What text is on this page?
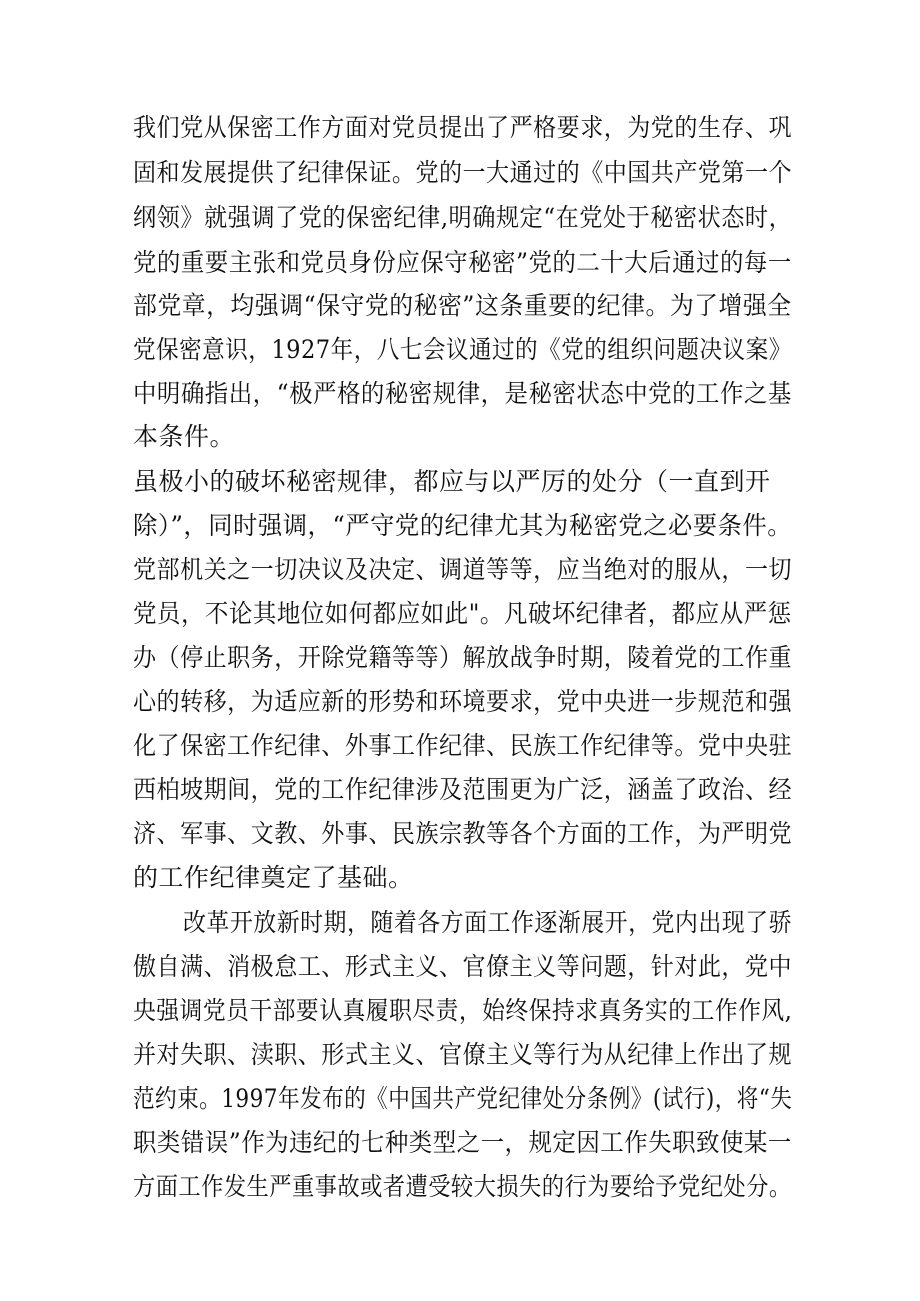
我们党从保密工作方面对党员提出了严格要求，为党的生存、巩
固和发展提供了纪律保证。党的一大通过的《中国共产党第一个
纲领》就强调了党的保密纪律,明确规定“在党处于秘密状态时，
党的重要主张和党员身份应保守秘密”党的二十大后通过的每一
部党章，均强调“保守党的秘密”这条重要的纪律。为了增强全
党保密意识，1927年，八七会议通过的《党的组织问题决议案》
中明确指出，“极严格的秘密规律，是秘密状态中党的工作之基
本条件。
虽极小的破坏秘密规律，都应与以严厉的处分（一直到开
除）”，同时强调，“严守党的纪律尤其为秘密党之必要条件。
党部机关之一切决议及决定、调道等等，应当绝对的服从，一切
党员，不论其地位如何都应如此"。凡破坏纪律者，都应从严惩
办（停止职务，开除党籍等等）解放战争时期，陵着党的工作重
心的转移，为适应新的形势和环境要求，党中央进一步规范和强
化了保密工作纪律、外事工作纪律、民族工作纪律等。党中央驻
西柏坡期间，党的工作纪律涉及范围更为广泛，涵盖了政治、经
济、军事、文教、外事、民族宗教等各个方面的工作，为严明党
的工作纪律奠定了基础。
改革开放新时期，随着各方面工作逐渐展开，党内出现了骄
傲自满、消极怠工、形式主义、官僚主义等问题，针对此，党中
央强调党员干部要认真履职尽责，始终保持求真务实的工作作风,
并对失职、渎职、形式主义、官僚主义等行为从纪律上作出了规
范约束。1997年发布的《中国共产党纪律处分条例》(试行)，将“失
职类错误”作为违纪的七种类型之一，规定因工作失职致使某一
方面工作发生严重事故或者遭受较大损失的行为要给予党纪处分。
